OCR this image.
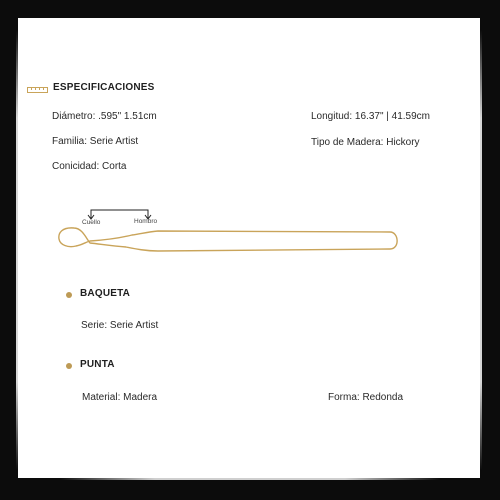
ESPECIFICACIONES
Diámetro: .595" 1.51cm	Longitud: 16.37" | 41.59cm
Familia: Serie Artist	Tipo de Madera: Hickory
Conicidad: Corta
Cuello	Hombro
BAQUETA
Serie: Serie Artist
PUNTA
Material: Madera	Forma: Redonda
